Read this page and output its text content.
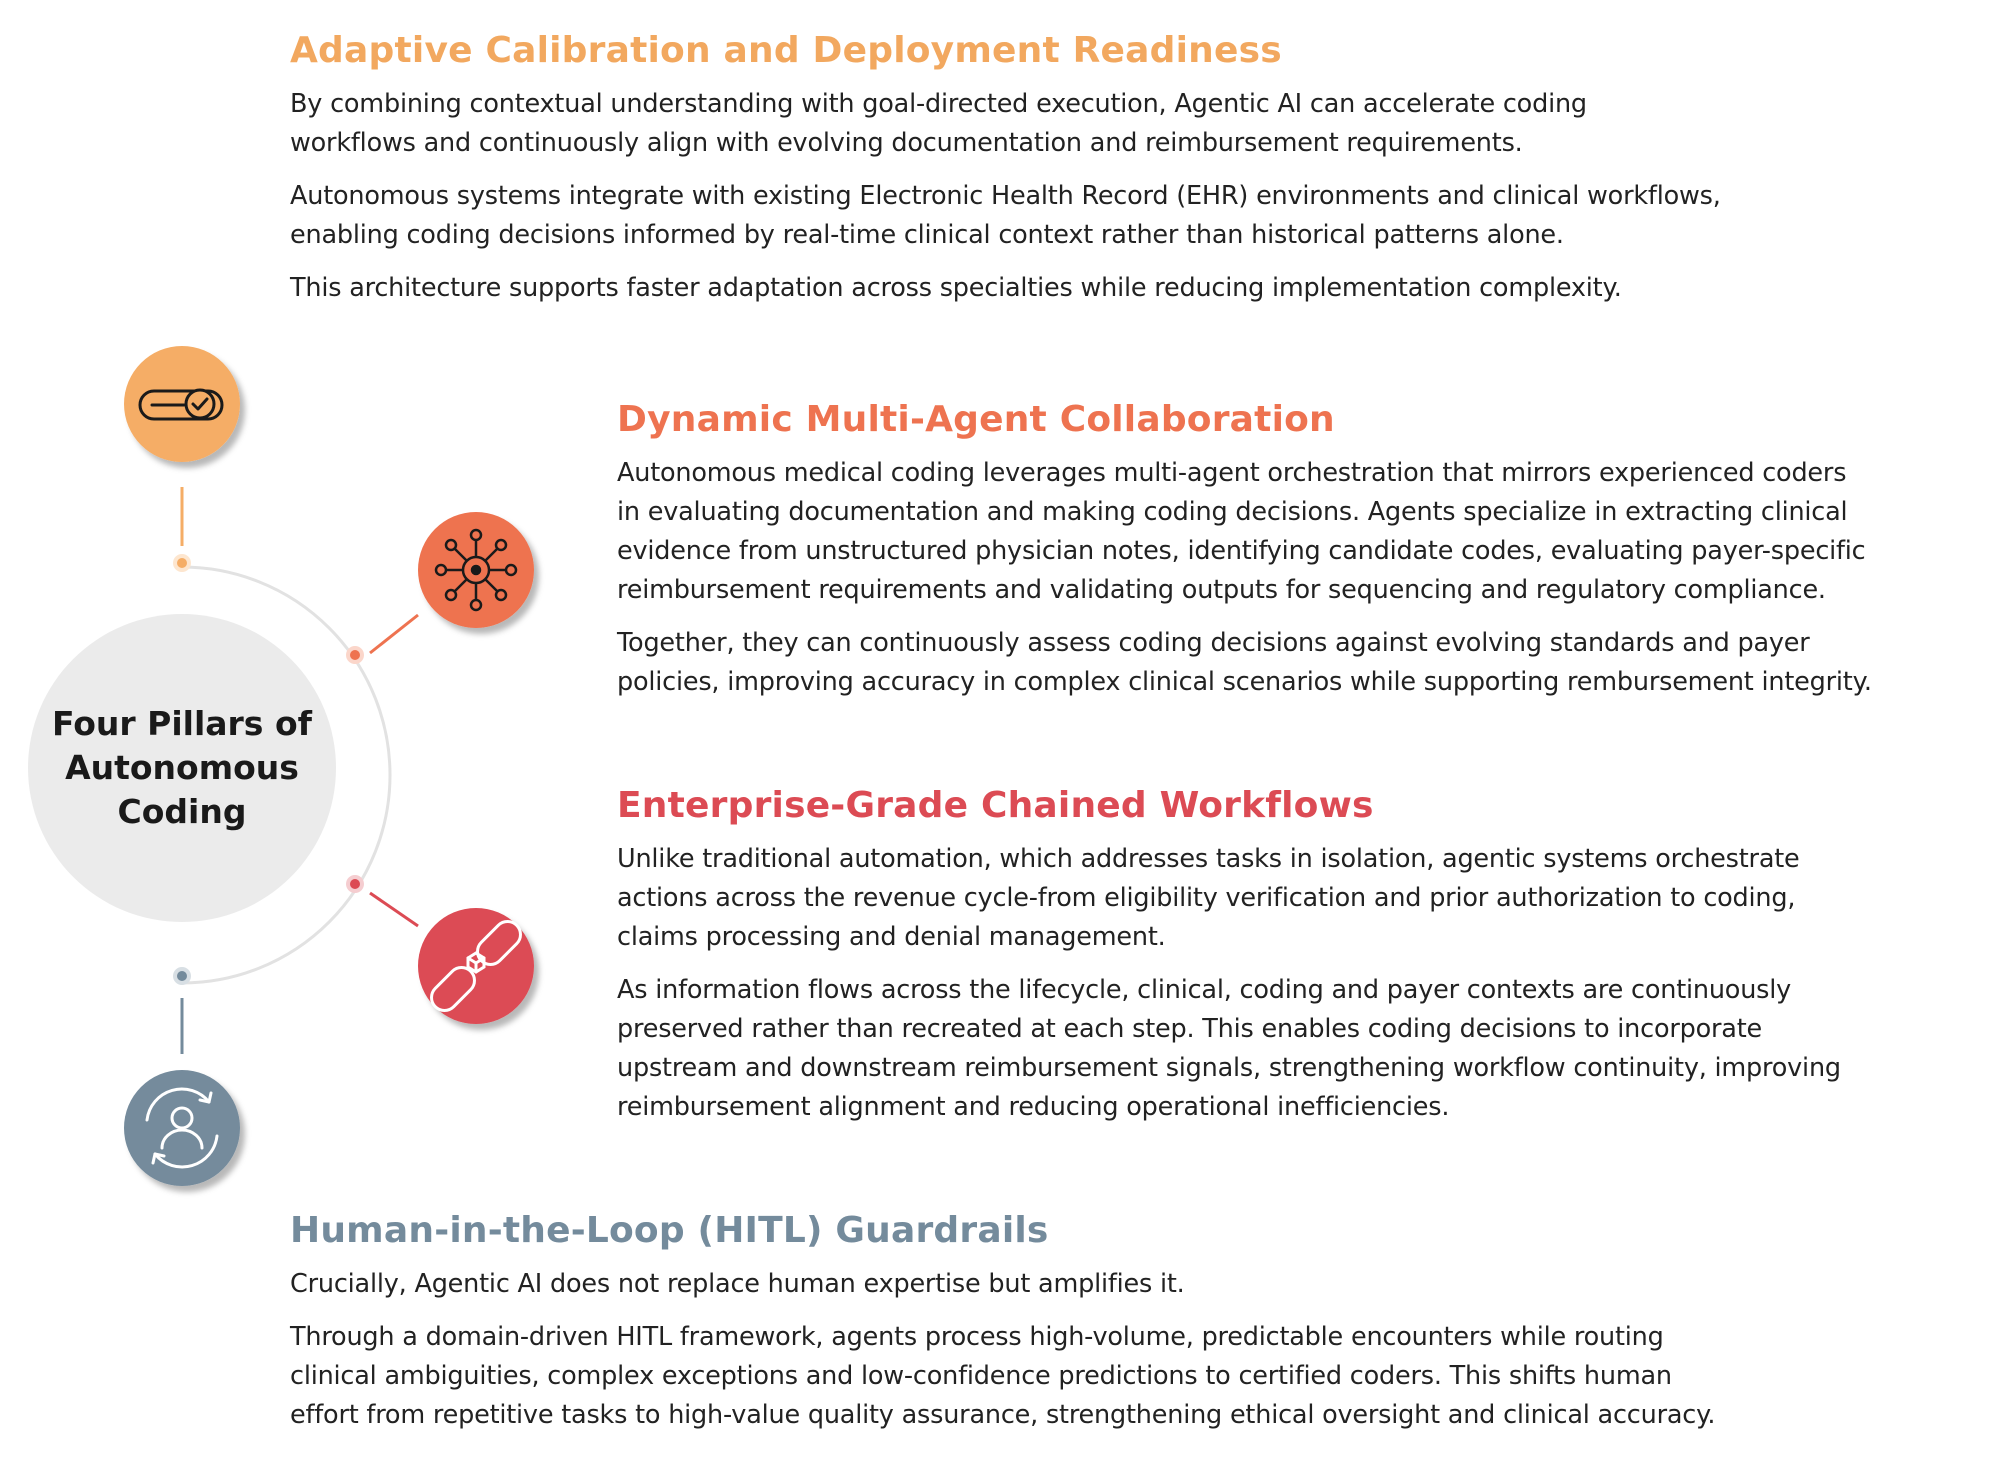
Four Pillars of
Autonomous
Coding
Adaptive Calibration and Deployment Readiness

By combining contextual understanding with goal-directed execution, Agentic AI can accelerate coding
workflows and continuously align with evolving documentation and reimbursement requirements.

Autonomous systems integrate with existing Electronic Health Record (EHR) environments and clinical workflows,
enabling coding decisions informed by real-time clinical context rather than historical patterns alone.

This architecture supports faster adaptation across specialties while reducing implementation complexity.

Dynamic Multi-Agent Collaboration

Autonomous medical coding leverages multi-agent orchestration that mirrors experienced coders
in evaluating documentation and making coding decisions. Agents specialize in extracting clinical
evidence from unstructured physician notes, identifying candidate codes, evaluating payer-specific
reimbursement requirements and validating outputs for sequencing and regulatory compliance.

Together, they can continuously assess coding decisions against evolving standards and payer
policies, improving accuracy in complex clinical scenarios while supporting rembursement integrity.

Enterprise-Grade Chained Workflows

Unlike traditional automation, which addresses tasks in isolation, agentic systems orchestrate
actions across the revenue cycle-from eligibility verification and prior authorization to coding,
claims processing and denial management.

As information flows across the lifecycle, clinical, coding and payer contexts are continuously
preserved rather than recreated at each step. This enables coding decisions to incorporate
upstream and downstream reimbursement signals, strengthening workflow continuity, improving
reimbursement alignment and reducing operational inefficiencies.

Human-in-the-Loop (HITL) Guardrails

Crucially, Agentic AI does not replace human expertise but amplifies it.

Through a domain-driven HITL framework, agents process high-volume, predictable encounters while routing
clinical ambiguities, complex exceptions and low-confidence predictions to certified coders. This shifts human
effort from repetitive tasks to high-value quality assurance, strengthening ethical oversight and clinical accuracy.
